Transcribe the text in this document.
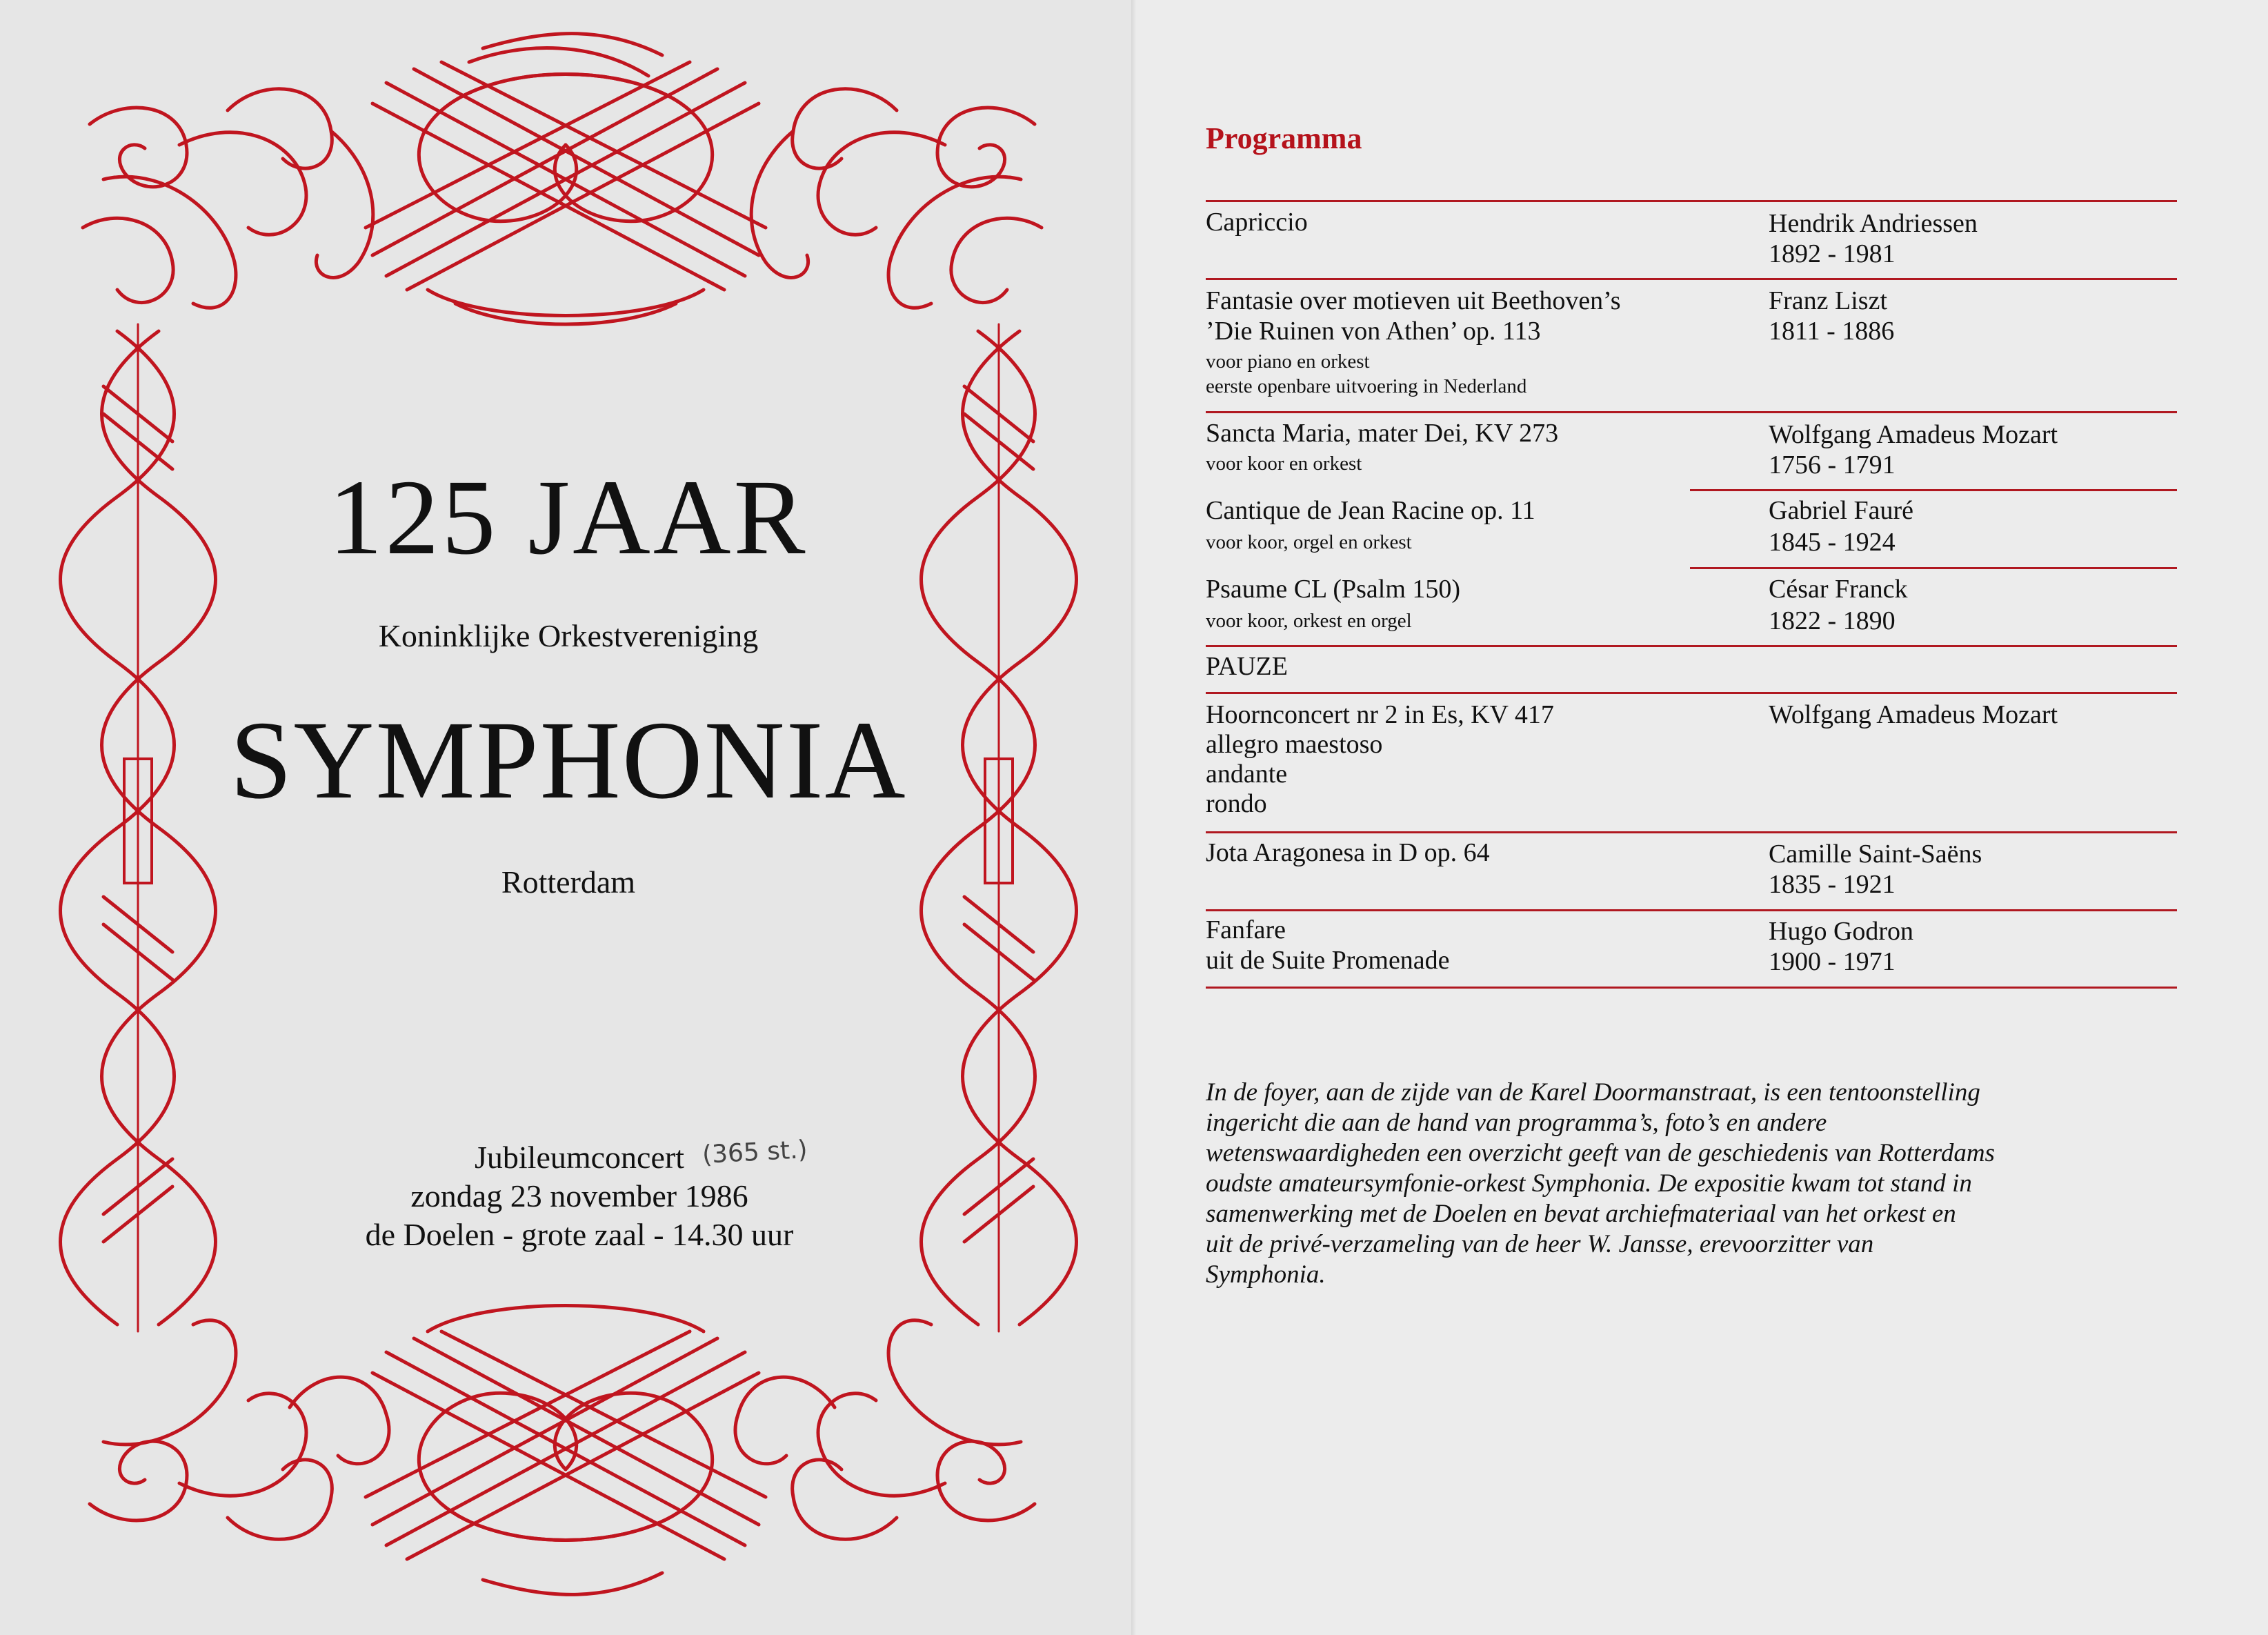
125 JAAR
Koninklijke Orkestvereniging
SYMPHONIA
Rotterdam
Jubileumconcert
zondag 23 november 1986
de Doelen - grote zaal - 14.30 uur
(365 st.)
Programma
Capriccio	Hendrik Andriessen
1892 - 1981
Fantasie over motieven uit Beethoven’s
’Die Ruinen von Athen’ op. 113
voor piano en orkest
eerste openbare uitvoering in Nederland
Franz Liszt
1811 - 1886
Sancta Maria, mater Dei, KV 273
voor koor en orkest
Wolfgang Amadeus Mozart
1756 - 1791
Cantique de Jean Racine op. 11
voor koor, orgel en orkest
Gabriel Fauré
1845 - 1924
Psaume CL (Psalm 150)
voor koor, orkest en orgel
César Franck
1822 - 1890
PAUZE
Hoornconcert nr 2 in Es, KV 417
allegro maestoso
andante
rondo
Wolfgang Amadeus Mozart
Jota Aragonesa in D op. 64	Camille Saint-Saëns
1835 - 1921
Fanfare
uit de Suite Promenade
Hugo Godron
1900 - 1971
In de foyer, aan de zijde van de Karel Doormanstraat, is een tentoonstelling
ingericht die aan de hand van programma’s, foto’s en andere
wetenswaardigheden een overzicht geeft van de geschiedenis van Rotterdams
oudste amateursymfonie-orkest Symphonia. De expositie kwam tot stand in
samenwerking met de Doelen en bevat archiefmateriaal van het orkest en
uit de privé-verzameling van de heer W. Jansse, erevoorzitter van
Symphonia.
